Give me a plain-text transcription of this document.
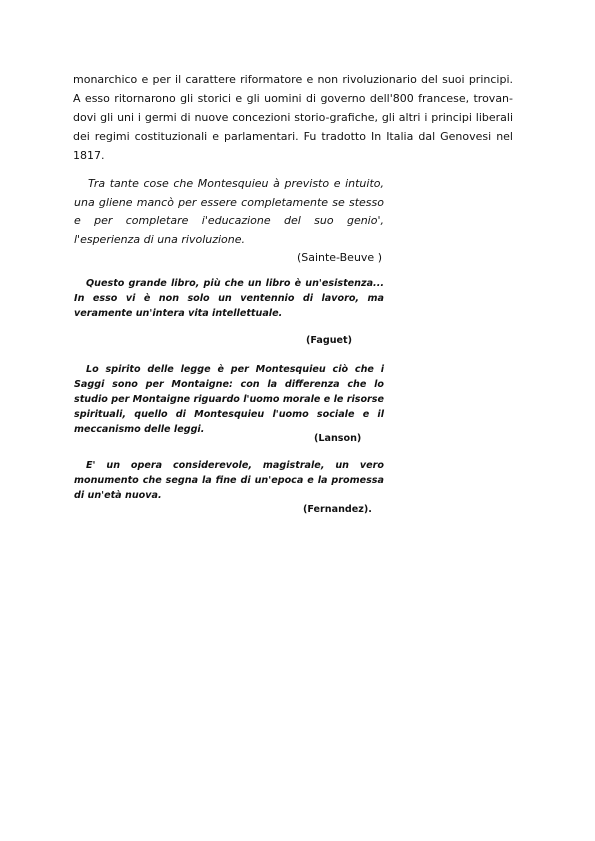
monarchico e per il carattere riformatore e non rivoluzionario del suoi principi. A esso ritornarono gli storici e gli uomini di governo dell'800 francese, trovan-dovi gli uni i germi di nuove concezioni storio-grafiche, gli altri i principi liberali dei regimi costituzionali e parlamentari. Fu tradotto In Italia dal Genovesi nel 1817.

Tra tante cose che Montesquieu à previsto e intuito, una gliene mancò per essere completamente se stesso e per completare i'educazione del suo genio', l'esperienza di una rivoluzione.

(Sainte-Beuve )

Questo grande libro, più che un libro è un'esistenza... In esso vi è non solo un ventennio di lavoro, ma veramente un'intera vita intellettuale.

(Faguet)

Lo spirito delle legge è per Montesquieu ciò che i Saggi sono per Montaigne: con la differenza che lo studio per Montaigne riguardo l'uomo morale e le risorse spirituali, quello di Montesquieu l'uomo sociale e il meccanismo delle leggi.

(Lanson)

E' un opera considerevole, magistrale, un vero monumento che segna la fine di un'epoca e la promessa di un'età nuova.

(Fernandez).
